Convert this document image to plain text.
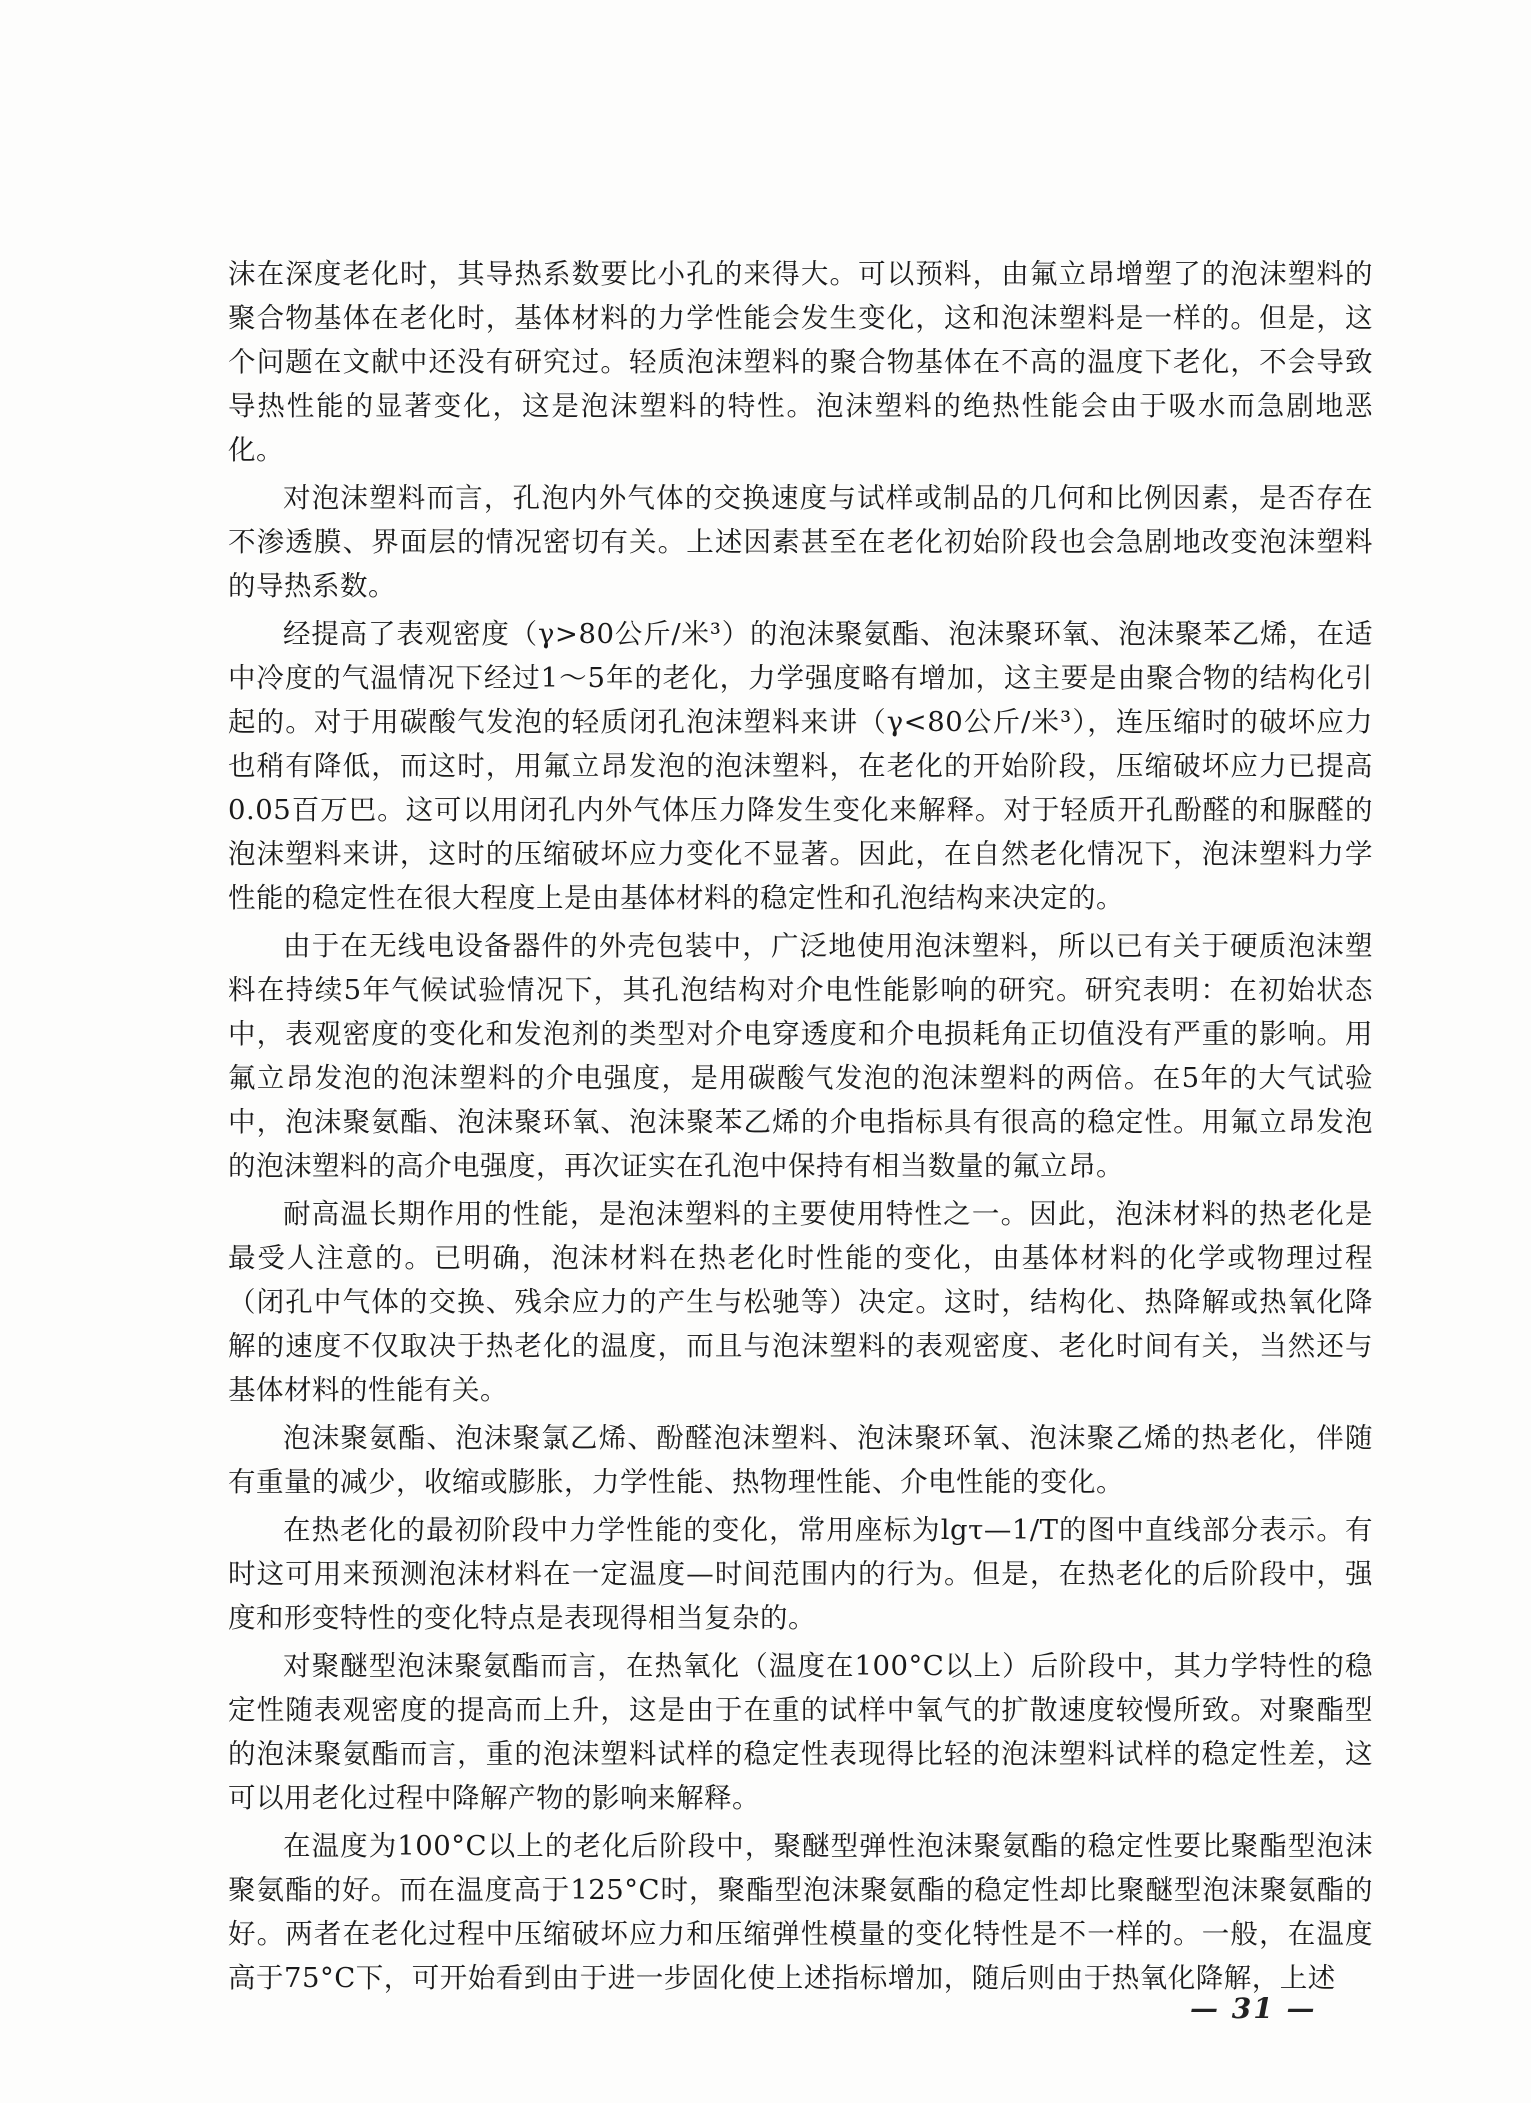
沫在深度老化时，其导热系数要比小孔的来得大。可以预料，由氟立昂增塑了的泡沫塑料的聚合物基体在老化时，基体材料的力学性能会发生变化，这和泡沫塑料是一样的。但是，这个问题在文献中还没有研究过。轻质泡沫塑料的聚合物基体在不高的温度下老化，不会导致导热性能的显著变化，这是泡沫塑料的特性。泡沫塑料的绝热性能会由于吸水而急剧地恶化。

对泡沫塑料而言，孔泡内外气体的交换速度与试样或制品的几何和比例因素，是否存在不渗透膜、界面层的情况密切有关。上述因素甚至在老化初始阶段也会急剧地改变泡沫塑料的导热系数。

经提高了表观密度（γ>80公斤/米³）的泡沫聚氨酯、泡沫聚环氧、泡沫聚苯乙烯，在适中冷度的气温情况下经过1～5年的老化，力学强度略有增加，这主要是由聚合物的结构化引起的。对于用碳酸气发泡的轻质闭孔泡沫塑料来讲（γ<80公斤/米³），连压缩时的破坏应力也稍有降低，而这时，用氟立昂发泡的泡沫塑料，在老化的开始阶段，压缩破坏应力已提高0.05百万巴。这可以用闭孔内外气体压力降发生变化来解释。对于轻质开孔酚醛的和脲醛的泡沫塑料来讲，这时的压缩破坏应力变化不显著。因此，在自然老化情况下，泡沫塑料力学性能的稳定性在很大程度上是由基体材料的稳定性和孔泡结构来决定的。

由于在无线电设备器件的外壳包装中，广泛地使用泡沫塑料，所以已有关于硬质泡沫塑料在持续5年气候试验情况下，其孔泡结构对介电性能影响的研究。研究表明：在初始状态中，表观密度的变化和发泡剂的类型对介电穿透度和介电损耗角正切值没有严重的影响。用氟立昂发泡的泡沫塑料的介电强度，是用碳酸气发泡的泡沫塑料的两倍。在5年的大气试验中，泡沫聚氨酯、泡沫聚环氧、泡沫聚苯乙烯的介电指标具有很高的稳定性。用氟立昂发泡的泡沫塑料的高介电强度，再次证实在孔泡中保持有相当数量的氟立昂。

耐高温长期作用的性能，是泡沫塑料的主要使用特性之一。因此，泡沫材料的热老化是最受人注意的。已明确，泡沫材料在热老化时性能的变化，由基体材料的化学或物理过程（闭孔中气体的交换、残余应力的产生与松驰等）决定。这时，结构化、热降解或热氧化降解的速度不仅取决于热老化的温度，而且与泡沫塑料的表观密度、老化时间有关，当然还与基体材料的性能有关。

泡沫聚氨酯、泡沫聚氯乙烯、酚醛泡沫塑料、泡沫聚环氧、泡沫聚乙烯的热老化，伴随有重量的减少，收缩或膨胀，力学性能、热物理性能、介电性能的变化。

在热老化的最初阶段中力学性能的变化，常用座标为lgτ—1/T的图中直线部分表示。有时这可用来预测泡沫材料在一定温度—时间范围内的行为。但是，在热老化的后阶段中，强度和形变特性的变化特点是表现得相当复杂的。

对聚醚型泡沫聚氨酯而言，在热氧化（温度在100°C以上）后阶段中，其力学特性的稳定性随表观密度的提高而上升，这是由于在重的试样中氧气的扩散速度较慢所致。对聚酯型的泡沫聚氨酯而言，重的泡沫塑料试样的稳定性表现得比轻的泡沫塑料试样的稳定性差，这可以用老化过程中降解产物的影响来解释。

在温度为100°C以上的老化后阶段中，聚醚型弹性泡沫聚氨酯的稳定性要比聚酯型泡沫聚氨酯的好。而在温度高于125°C时，聚酯型泡沫聚氨酯的稳定性却比聚醚型泡沫聚氨酯的好。两者在老化过程中压缩破坏应力和压缩弹性模量的变化特性是不一样的。一般，在温度高于75°C下，可开始看到由于进一步固化使上述指标增加，随后则由于热氧化降解，上述

— 31 —
